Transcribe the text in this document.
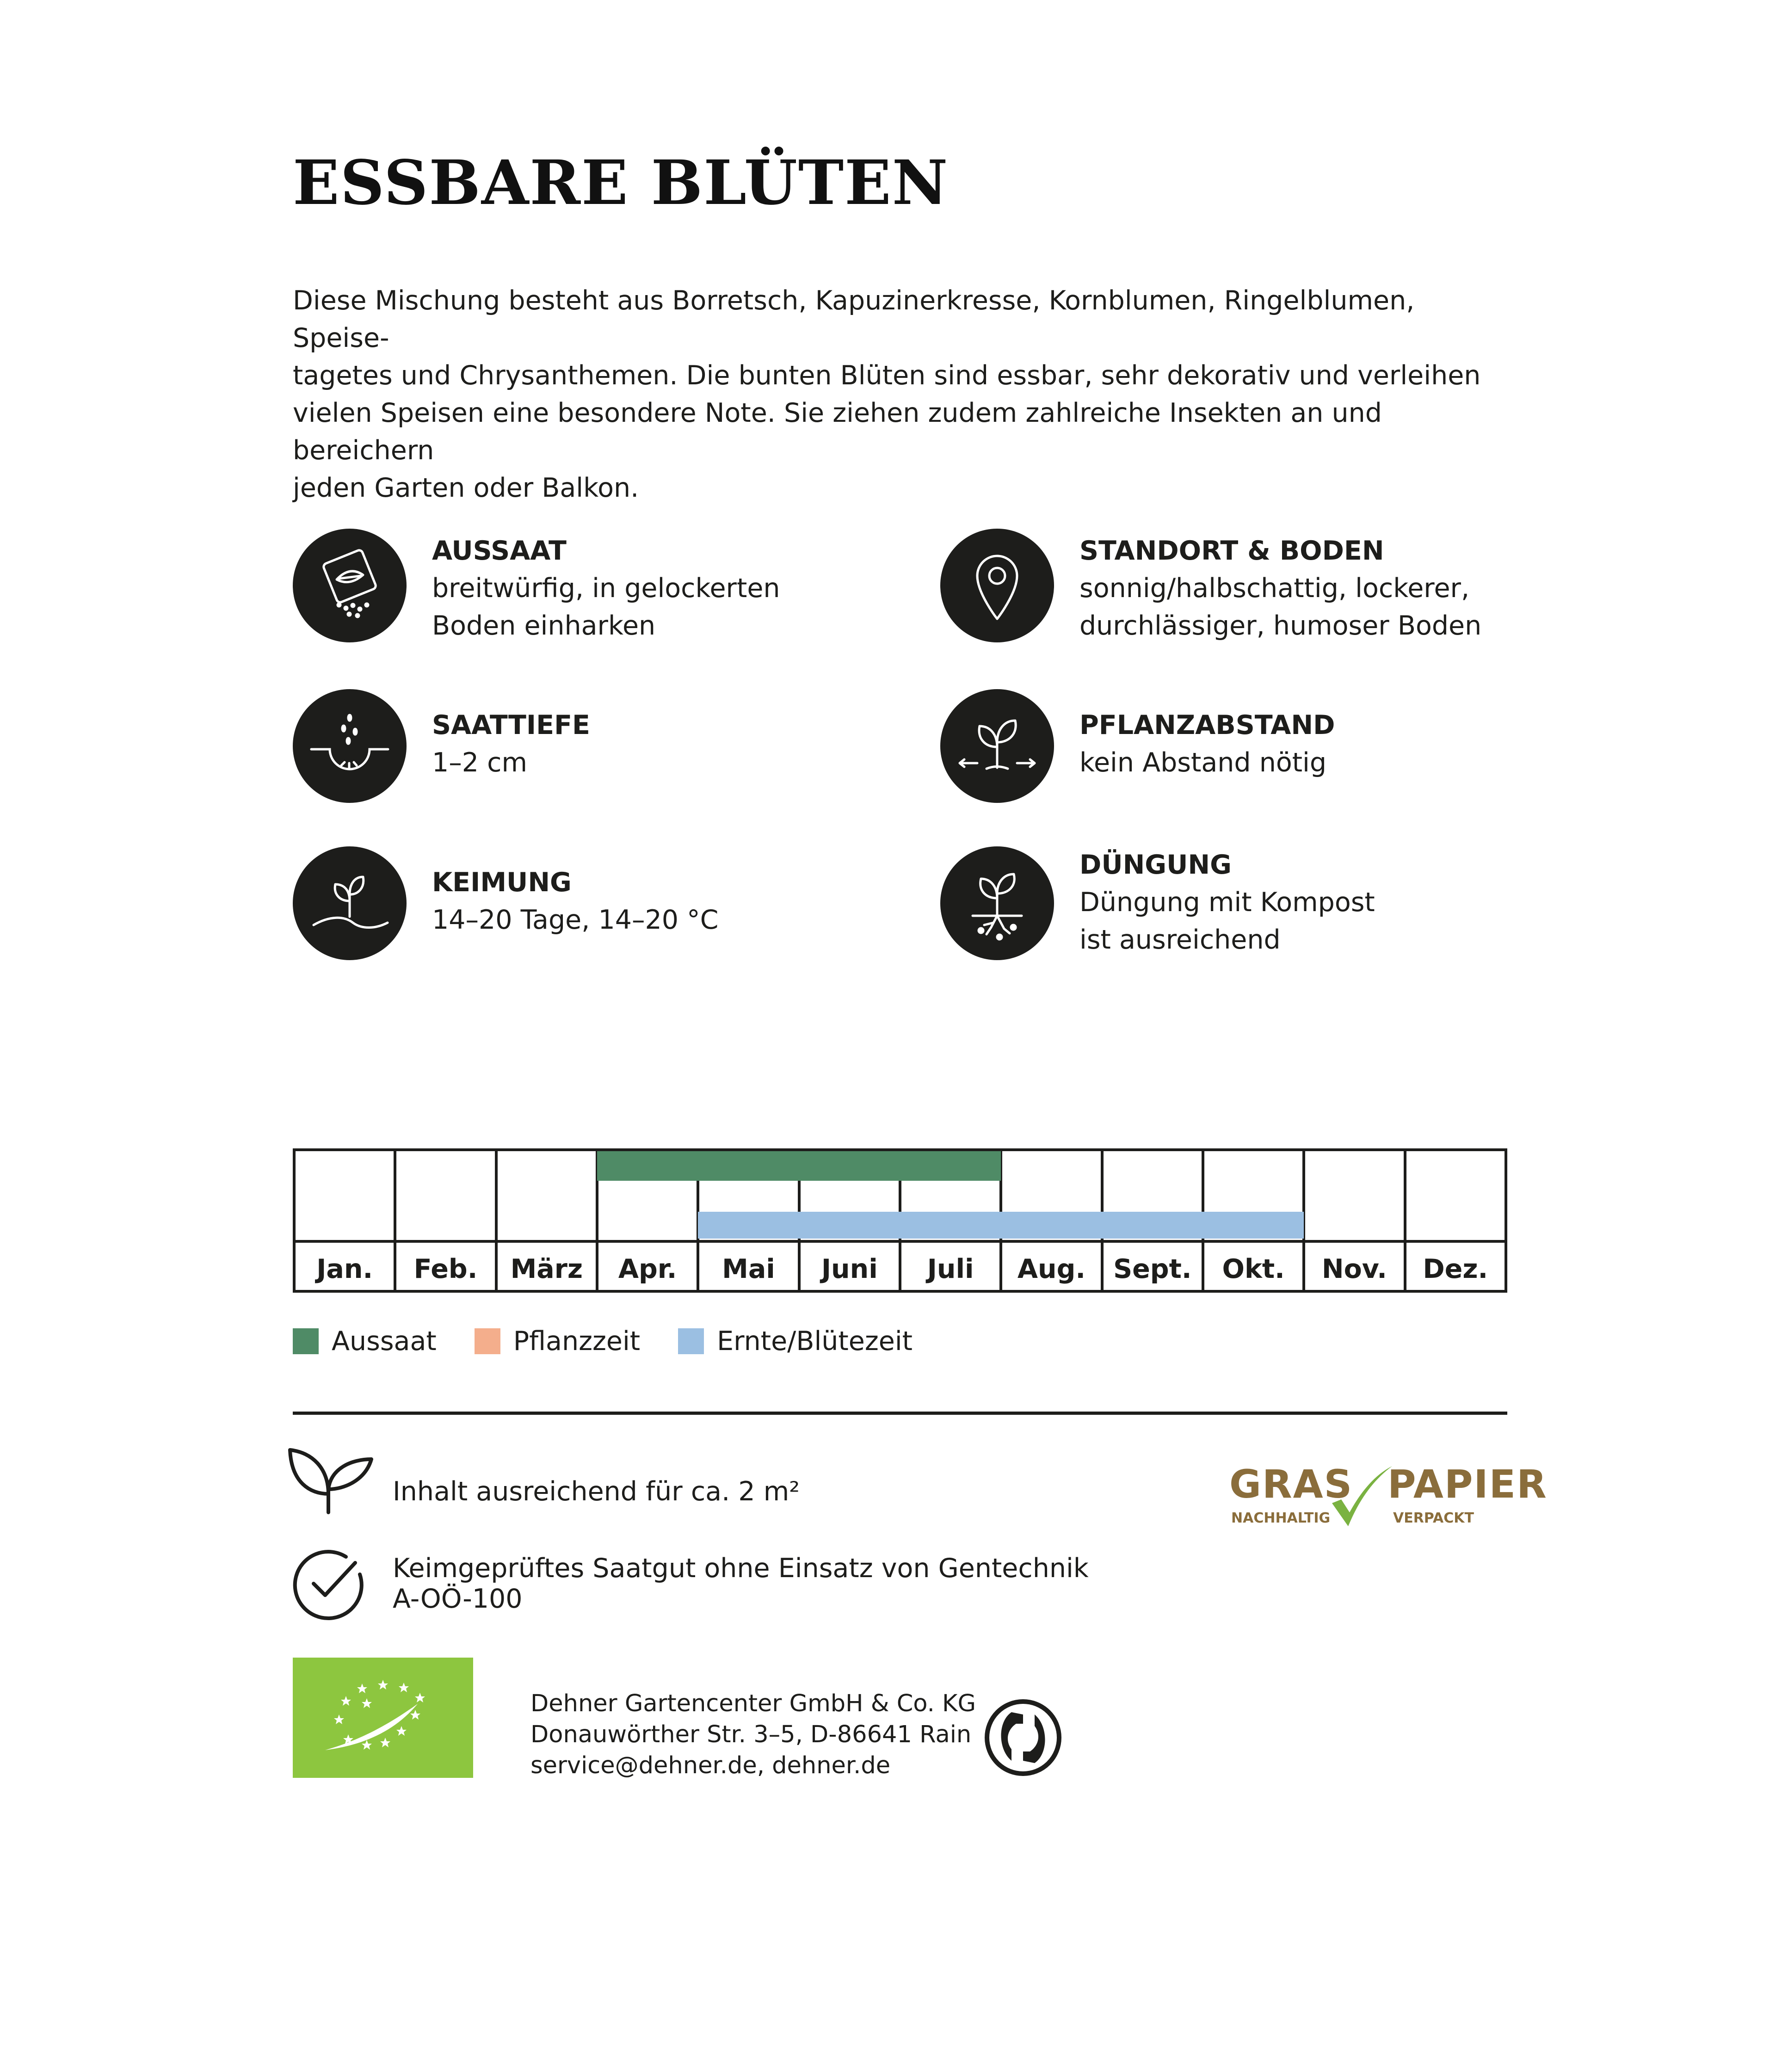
ESSBARE BLÜTEN
Diese Mischung besteht aus Borretsch, Kapuzinerkresse, Kornblumen, Ringelblumen, Speise-
tagetes und Chrysanthemen. Die bunten Blüten sind essbar, sehr dekorativ und verleihen
vielen Speisen eine besondere Note. Sie ziehen zudem zahlreiche Insekten an und bereichern
jeden Garten oder Balkon.
AUSSAAT
breitwürfig, in gelockerten
Boden einharken
STANDORT & BODEN
sonnig/halbschattig, lockerer,
durchlässiger, humoser Boden
SAATTIEFE
1–2 cm
PFLANZABSTAND
kein Abstand nötig
KEIMUNG
14–20 Tage, 14–20 °C
DÜNGUNG
Düngung mit Kompost
ist ausreichend
Jan.	Feb.	März	Apr.	Mai	Juni	Juli	Aug.	Sept.	Okt.	Nov.	Dez.
Aussaat	Pflanzzeit	Ernte/Blütezeit
Inhalt ausreichend für ca. 2 m²
Keimgeprüftes Saatgut ohne Einsatz von Gentechnik
A-OÖ-100
GRAS PAPIER
NACHHALTIG	VERPACKT
Dehner Gartencenter GmbH & Co. KG
Donauwörther Str. 3–5, D-86641 Rain
service@dehner.de, dehner.de
